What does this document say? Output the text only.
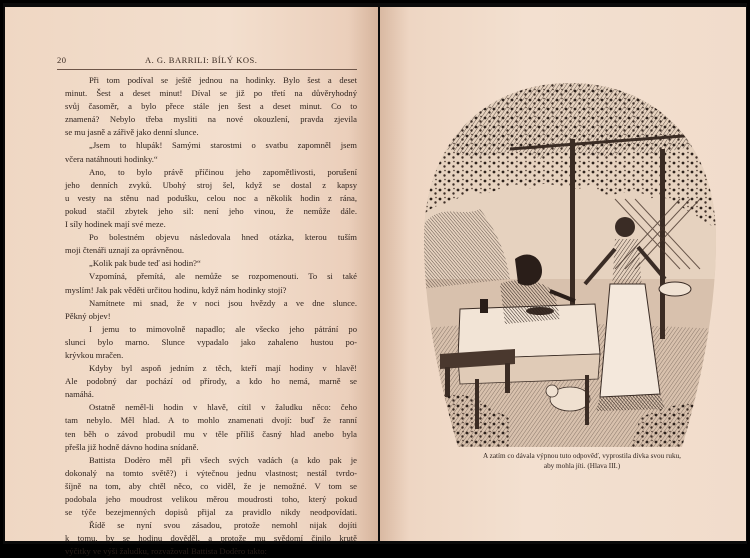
20	A. G. BARRILI: BÍLÝ KOS.
Při tom podíval se ještě jednou na hodinky. Bylo šest a deset
minut. Šest a deset minut! Díval se již po třetí na důvěryhodný
svůj časoměr, a bylo přece stále jen šest a deset minut. Co to
znamená? Nebylo třeba mysliti na nové okouzlení, pravda zjevila
se mu jasně a zářivě jako denní slunce.
„Jsem to hlupák! Samými starostmi o svatbu zapomněl jsem
včera natáhnouti hodinky.“
Ano, to bylo právě příčinou jeho zapomětlivosti, porušení
jeho denních zvyků. Ubohý stroj šel, když se dostal z kapsy
u vesty na stěnu nad podušku, celou noc a několik hodin z rána,
pokud stačil zbytek jeho sil: není jeho vinou, že nemůže dále.
I síly hodinek mají své meze.
Po bolestném objevu následovala hned otázka, kterou tuším
moji čtenáři uznají za oprávněnou.
„Kolik pak bude teď asi hodin?“
Vzpomíná, přemítá, ale nemůže se rozpomenouti. To si také
myslím! Jak pak věděti určitou hodinu, když nám hodinky stojí?
Namítnete mi snad, že v noci jsou hvězdy a ve dne slunce.
Pěkný objev!
I jemu to mimovolně napadlo; ale všecko jeho pátrání po
slunci bylo marno. Slunce vypadalo jako zahaleno hustou po-
krývkou mračen.
Kdyby byl aspoň jedním z těch, kteří mají hodiny v hlavě!
Ale podobný dar pochází od přírody, a kdo ho nemá, marně se
namáhá.
Ostatně neměl-li hodin v hlavě, cítil v žaludku něco: čeho
tam nebylo. Měl hlad. A to mohlo znamenati dvojí: buď že ranní
ten běh o závod probudil mu v těle příliš časný hlad anebo byla
přešla již hodně dávno hodina snídaně.
Battista Dodèro měl při všech svých vadách (a kdo pak je
dokonalý na tomto světě?) i výtečnou jednu vlastnost; nestál tvrdo-
šíjně na tom, aby chtěl něco, co viděl, že je nemožné. V tom se
podobala jeho moudrost velikou měrou moudrosti toho, který pokud
se týče bezejmenných dopisů přijal za pravidlo nikdy neodpovídati.
Řídě se nyní svou zásadou, protože nemohl nijak dojíti
k tomu, by se hodinu dověděl, a protože mu svědomí činilo krutě
výčitky ve výši žaludku, rozvažoval Battista Dodèro takto:
A zatím co dávala výpnou tuto odpověď, vyprostila dívka svou ruku,
aby mohla jíti. (Hlava III.)
